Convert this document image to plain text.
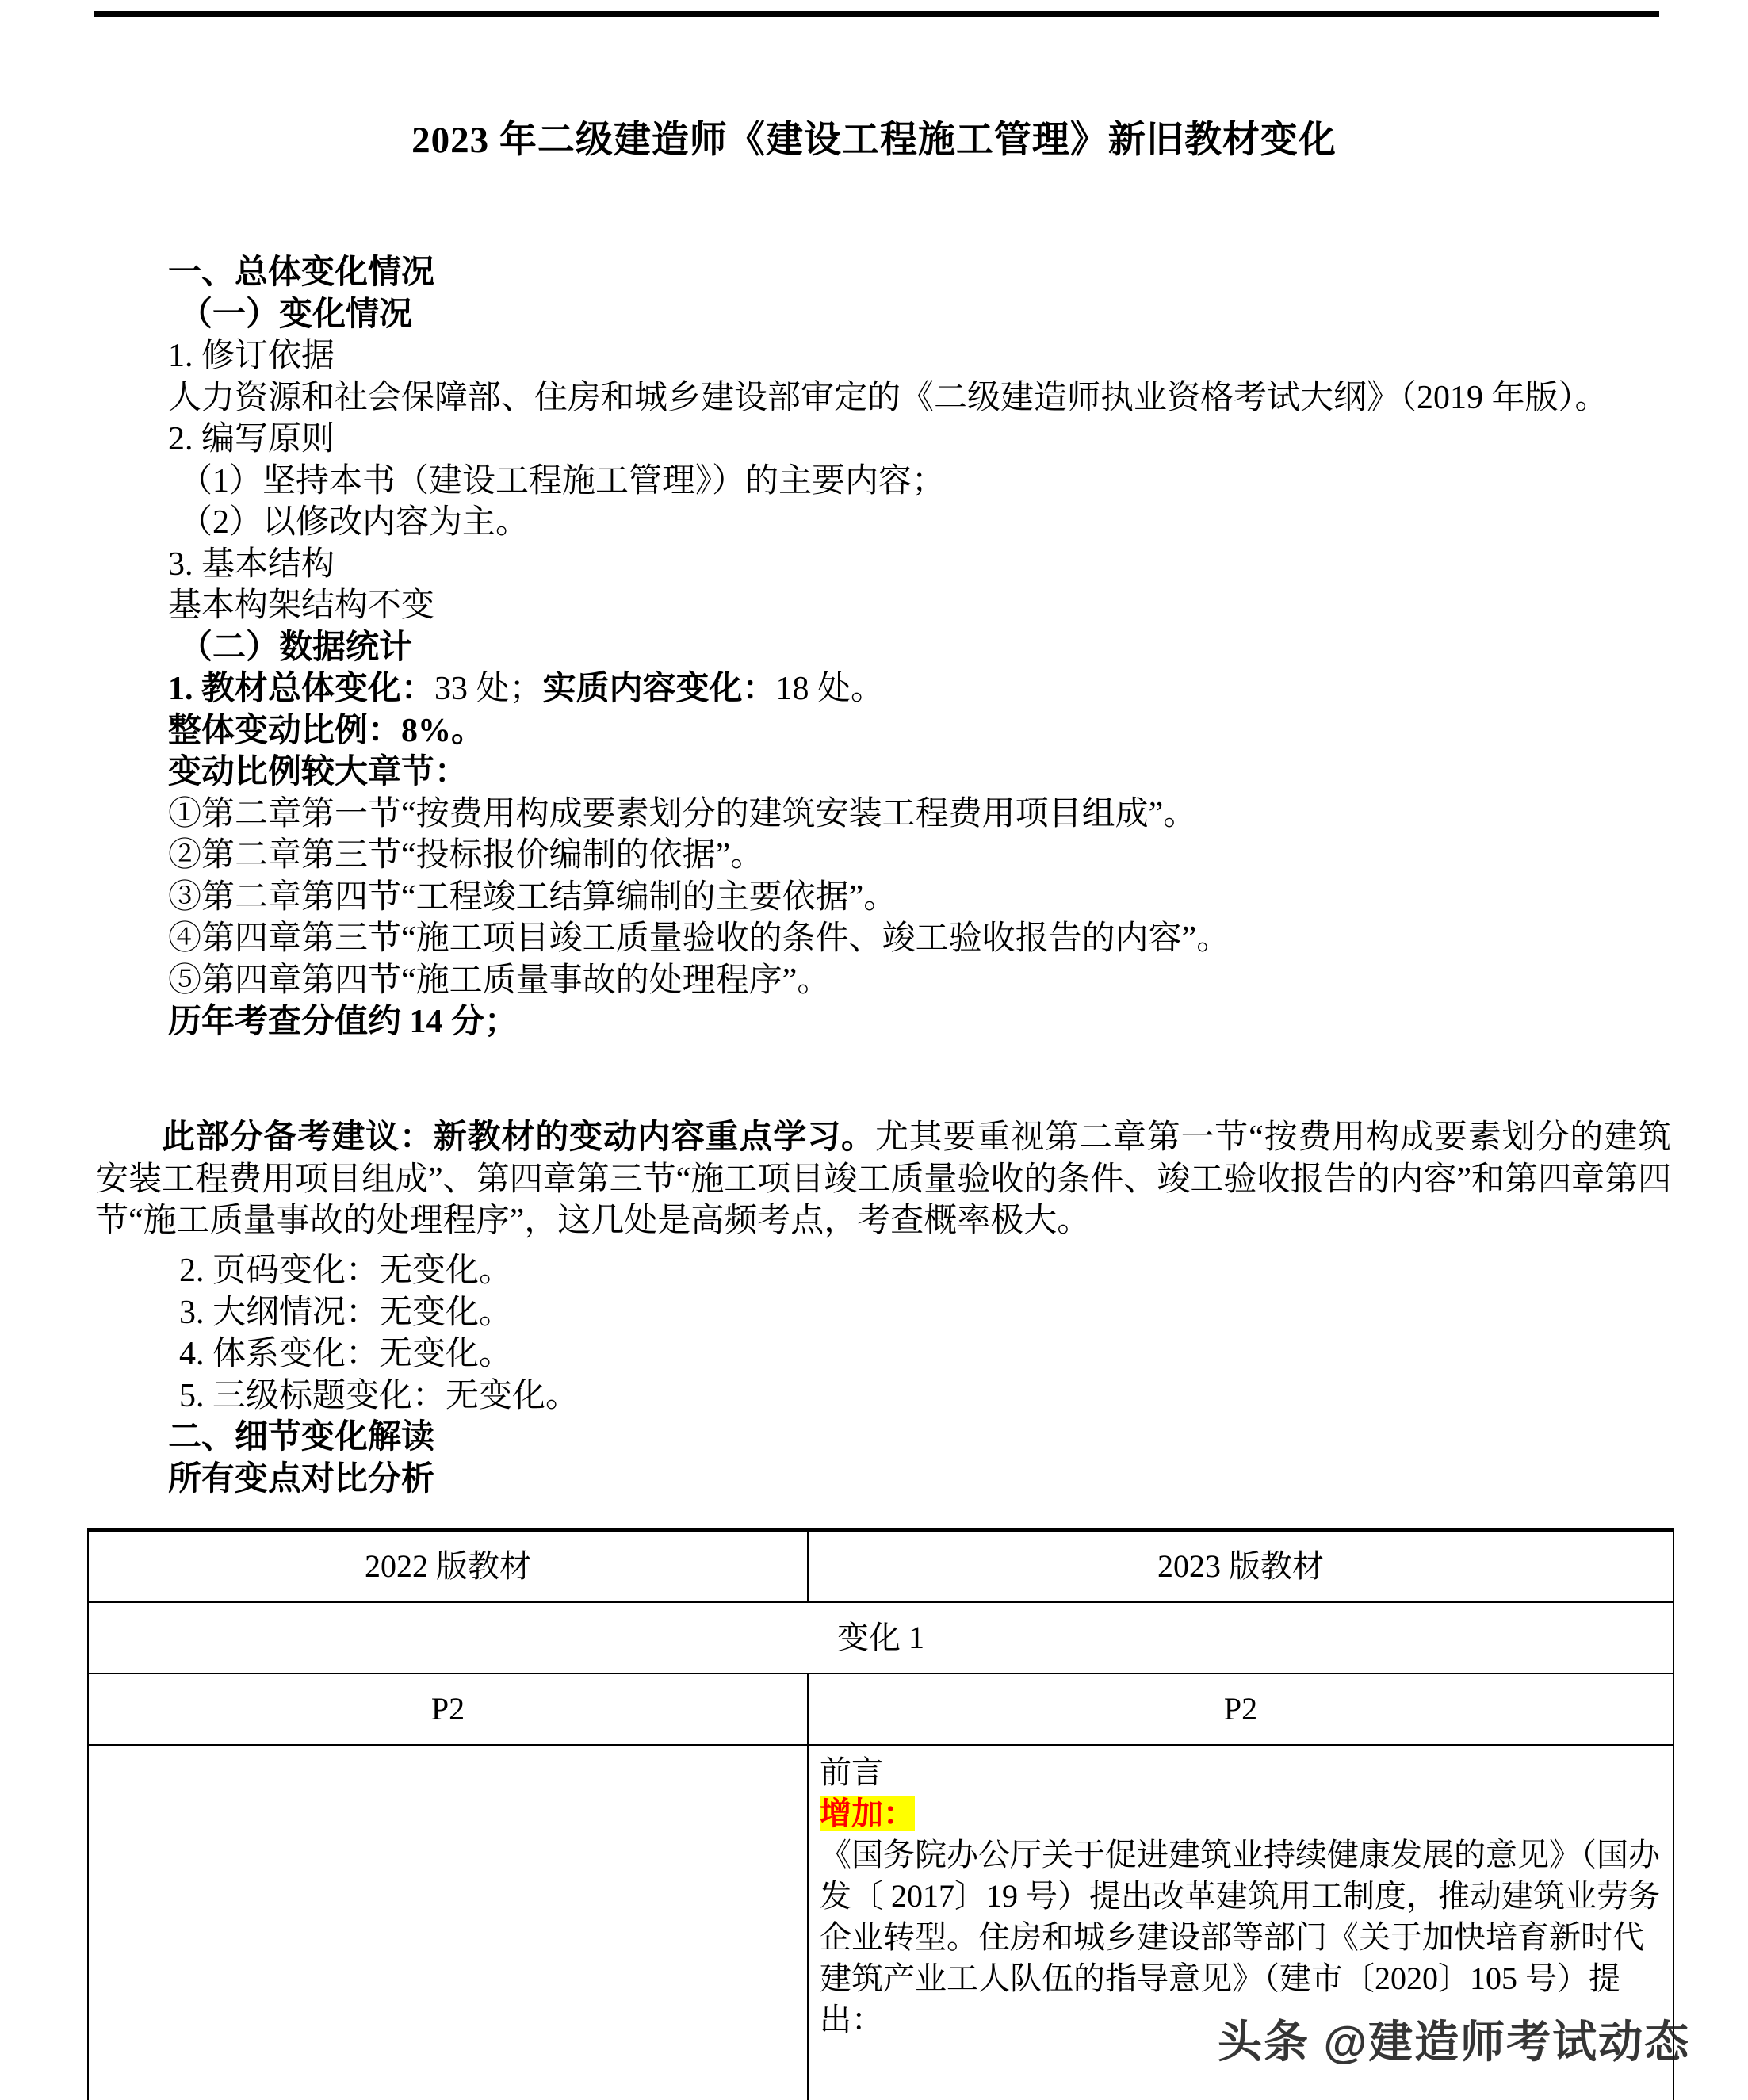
2023 年二级建造师《建设工程施工管理》新旧教材变化
一、总体变化情况
（一）变化情况
1. 修订依据
人力资源和社会保障部、住房和城乡建设部审定的《二级建造师执业资格考试大纲》（2019 年版）。
2. 编写原则
（1）坚持本书（建设工程施工管理》）的主要内容；
（2）以修改内容为主。
3. 基本结构
基本构架结构不变
（二）数据统计
1. 教材总体变化：33 处；实质内容变化：18 处。
整体变动比例：8%。
变动比例较大章节：
①第二章第一节“按费用构成要素划分的建筑安装工程费用项目组成”。
②第二章第三节“投标报价编制的依据”。
③第二章第四节“工程竣工结算编制的主要依据”。
④第四章第三节“施工项目竣工质量验收的条件、竣工验收报告的内容”。
⑤第四章第四节“施工质量事故的处理程序”。
历年考查分值约 14 分；
此部分备考建议：新教材的变动内容重点学习。尤其要重视第二章第一节“按费用构成要素划分的建筑安装工程费用项目组成”、第四章第三节“施工项目竣工质量验收的条件、竣工验收报告的内容”和第四章第四节“施工质量事故的处理程序”，这几处是高频考点，考查概率极大。
2. 页码变化：无变化。
3. 大纲情况：无变化。
4. 体系变化：无变化。
5. 三级标题变化：无变化。
二、细节变化解读
所有变点对比分析
2022 版教材	2023 版教材
变化 1	
P2	P2

	前言
增加：
《国务院办公厅关于促进建筑业持续健康发展的意见》（国办发〔 2017〕19 号）提出改革建筑用工制度，推动建筑业劳务企业转型。住房和城乡建设部等部门《关于加快培育新时代建筑产业工人队伍的指导意见》（建市〔2020〕105 号）提出：	头条 @建造师考试动态
